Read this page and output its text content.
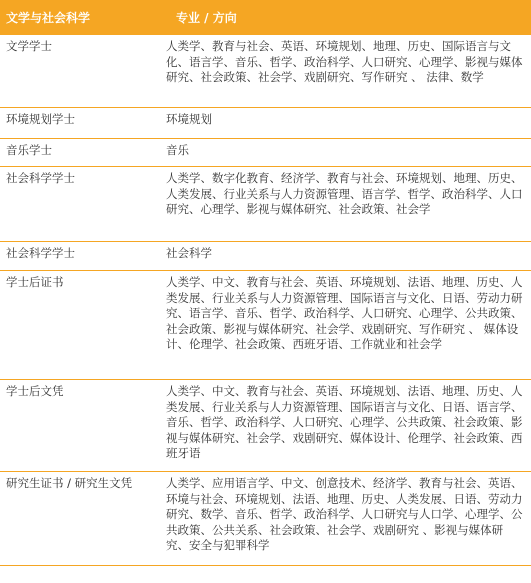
文学与社会科学	专业 / 方向
文学学士	人类学、教育与社会、英语、环境规划、地理、历史、国际语言与文化、语言学、音乐、哲学、政治科学、人口研究、心理学、影视与媒体研究、社会政策、社会学、戏剧研究、写作研究 、 法律、数学
环境规划学士	环境规划
音乐学士	音乐
社会科学学士	人类学、数字化教育、经济学、教育与社会、环境规划、地理、历史、人类发展、行业关系与人力资源管理、语言学、哲学、政治科学、人口研究、心理学、影视与媒体研究、社会政策、社会学
社会科学学士	社会科学
学士后证书	人类学、中文、教育与社会、英语、环境规划、法语、地理、历史、人类发展、行业关系与人力资源管理、国际语言与文化、日语、劳动力研究、语言学、音乐、哲学、政治科学、人口研究、心理学、公共政策、社会政策、影视与媒体研究、社会学、戏剧研究、写作研究 、 媒体设计、伦理学、社会政策、西班牙语、工作就业和社会学
学士后文凭	人类学、中文、教育与社会、英语、环境规划、法语、地理、历史、人类发展、行业关系与人力资源管理、国际语言与文化、日语、语言学、音乐、哲学、政治科学、人口研究、心理学、公共政策、社会政策、影视与媒体研究、社会学、戏剧研究、媒体设计、伦理学、社会政策、西班牙语
研究生证书 / 研究生文凭	人类学、应用语言学、中文、创意技术、经济学、教育与社会、英语、环境与社会、环境规划、法语、地理、历史、人类发展、日语、劳动力研究、数学、音乐、哲学、政治科学、人口研究与人口学、心理学、公共政策、公共关系、社会政策、社会学、戏剧研究 、影视与媒体研究、安全与犯罪科学
